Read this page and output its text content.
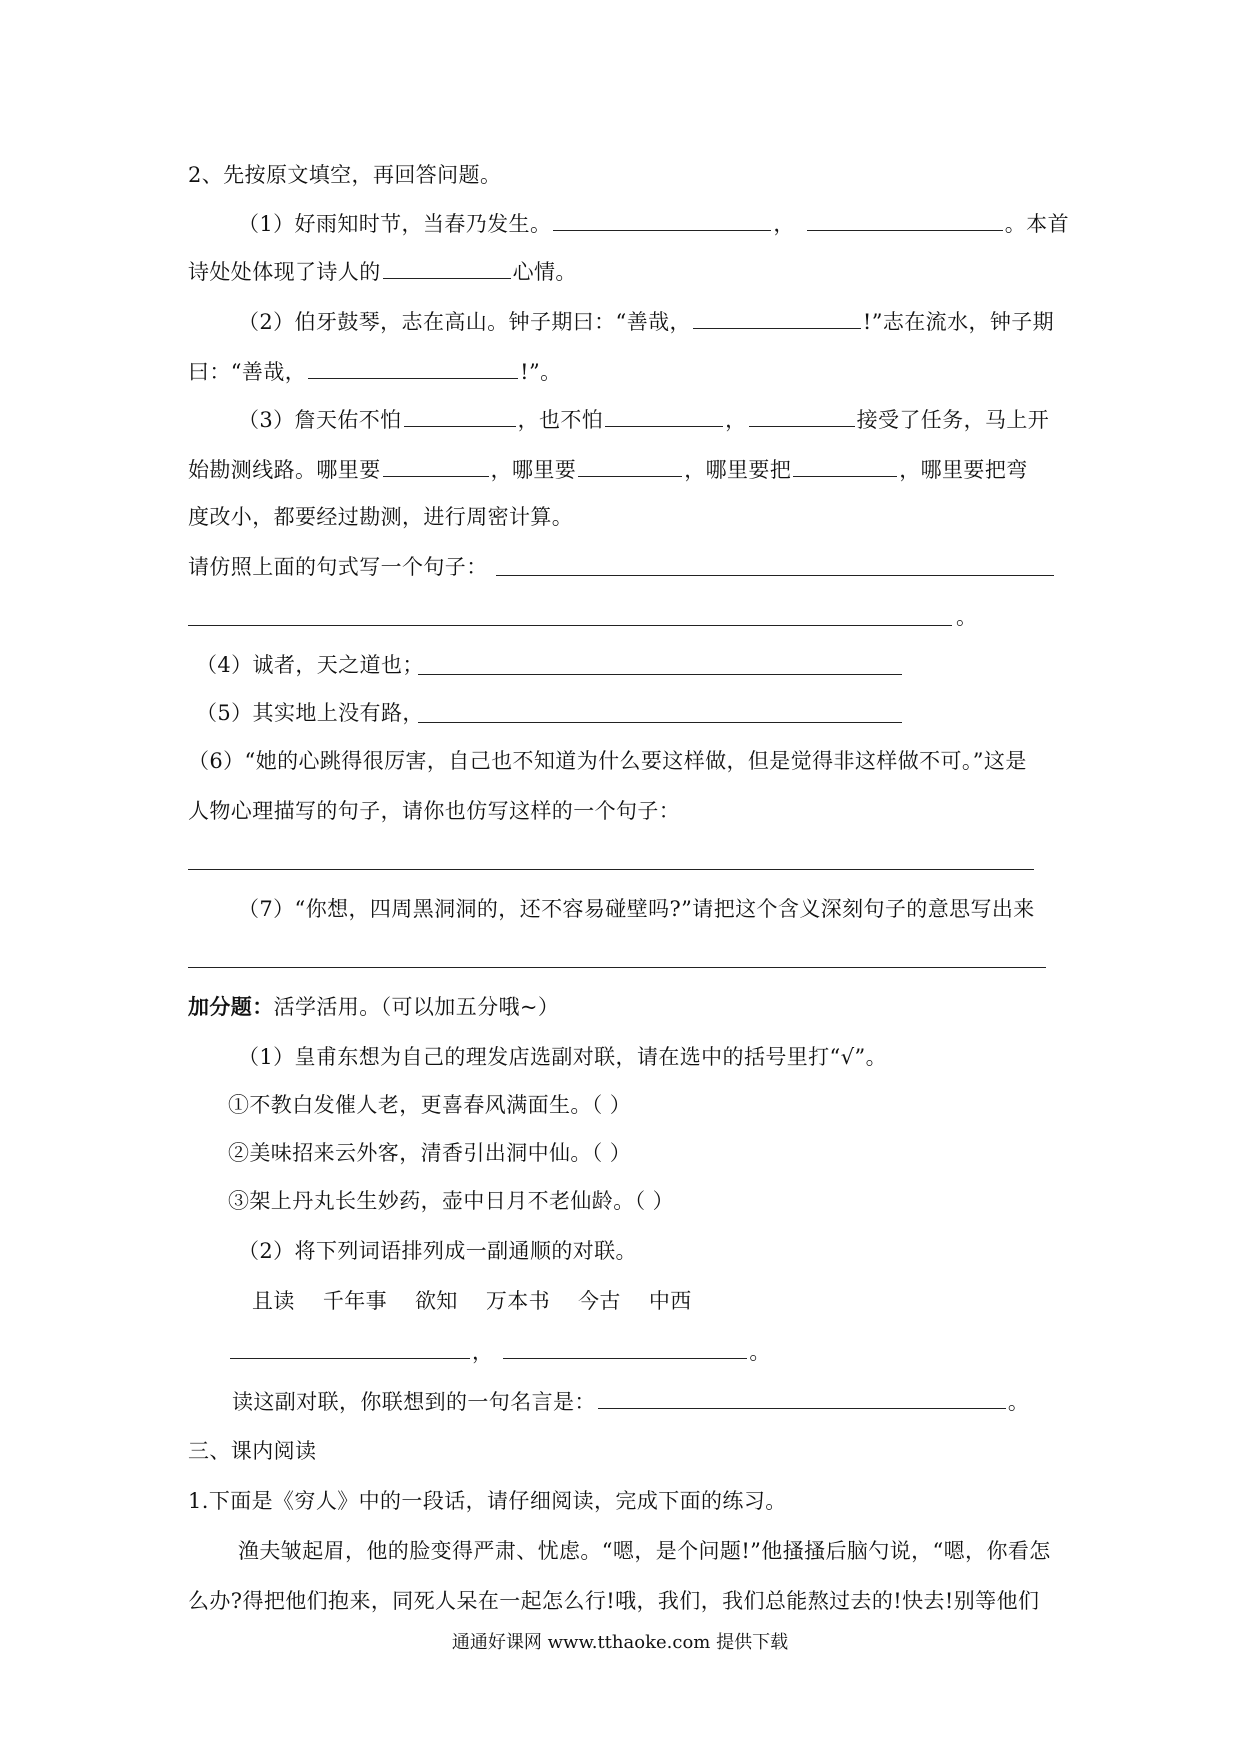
2、先按原文填空，再回答问题。
（1）好雨知时节，当春乃发生。	，	。本首
诗处处体现了诗人的	心情。
（2）伯牙鼓琴，志在高山。钟子期曰：“善哉，	!”志在流水，钟子期
曰：“善哉，	!”。
（3）詹天佑不怕	，也不怕	，	接受了任务，马上开
始勘测线路。哪里要	，哪里要	，哪里要把	，哪里要把弯
度改小，都要经过勘测，进行周密计算。
请仿照上面的句式写一个句子：
。
（4）诚者，天之道也；
（5）其实地上没有路，
（6）“她的心跳得很厉害，自己也不知道为什么要这样做，但是觉得非这样做不可。”这是
人物心理描写的句子，请你也仿写这样的一个句子：
（7）“你想，四周黑洞洞的，还不容易碰壁吗?”请把这个含义深刻句子的意思写出来
加分题：活学活用。（可以加五分哦~）
（1）皇甫东想为自己的理发店选副对联，请在选中的括号里打“√”。
①不教白发催人老，更喜春风满面生。（ ）
②美味招来云外客，清香引出洞中仙。（ ）
③架上丹丸长生妙药，壶中日月不老仙龄。（ ）
（2）将下列词语排列成一副通顺的对联。
且读 千年事 欲知 万本书 今古 中西
，	。
读这副对联，你联想到的一句名言是：	。
三、课内阅读
1.下面是《穷人》中的一段话，请仔细阅读，完成下面的练习。
渔夫皱起眉，他的脸变得严肃、忧虑。“嗯，是个问题!”他搔搔后脑勺说，“嗯，你看怎
么办?得把他们抱来，同死人呆在一起怎么行!哦，我们，我们总能熬过去的!快去!别等他们
通通好课网 www.tthaoke.com 提供下载
